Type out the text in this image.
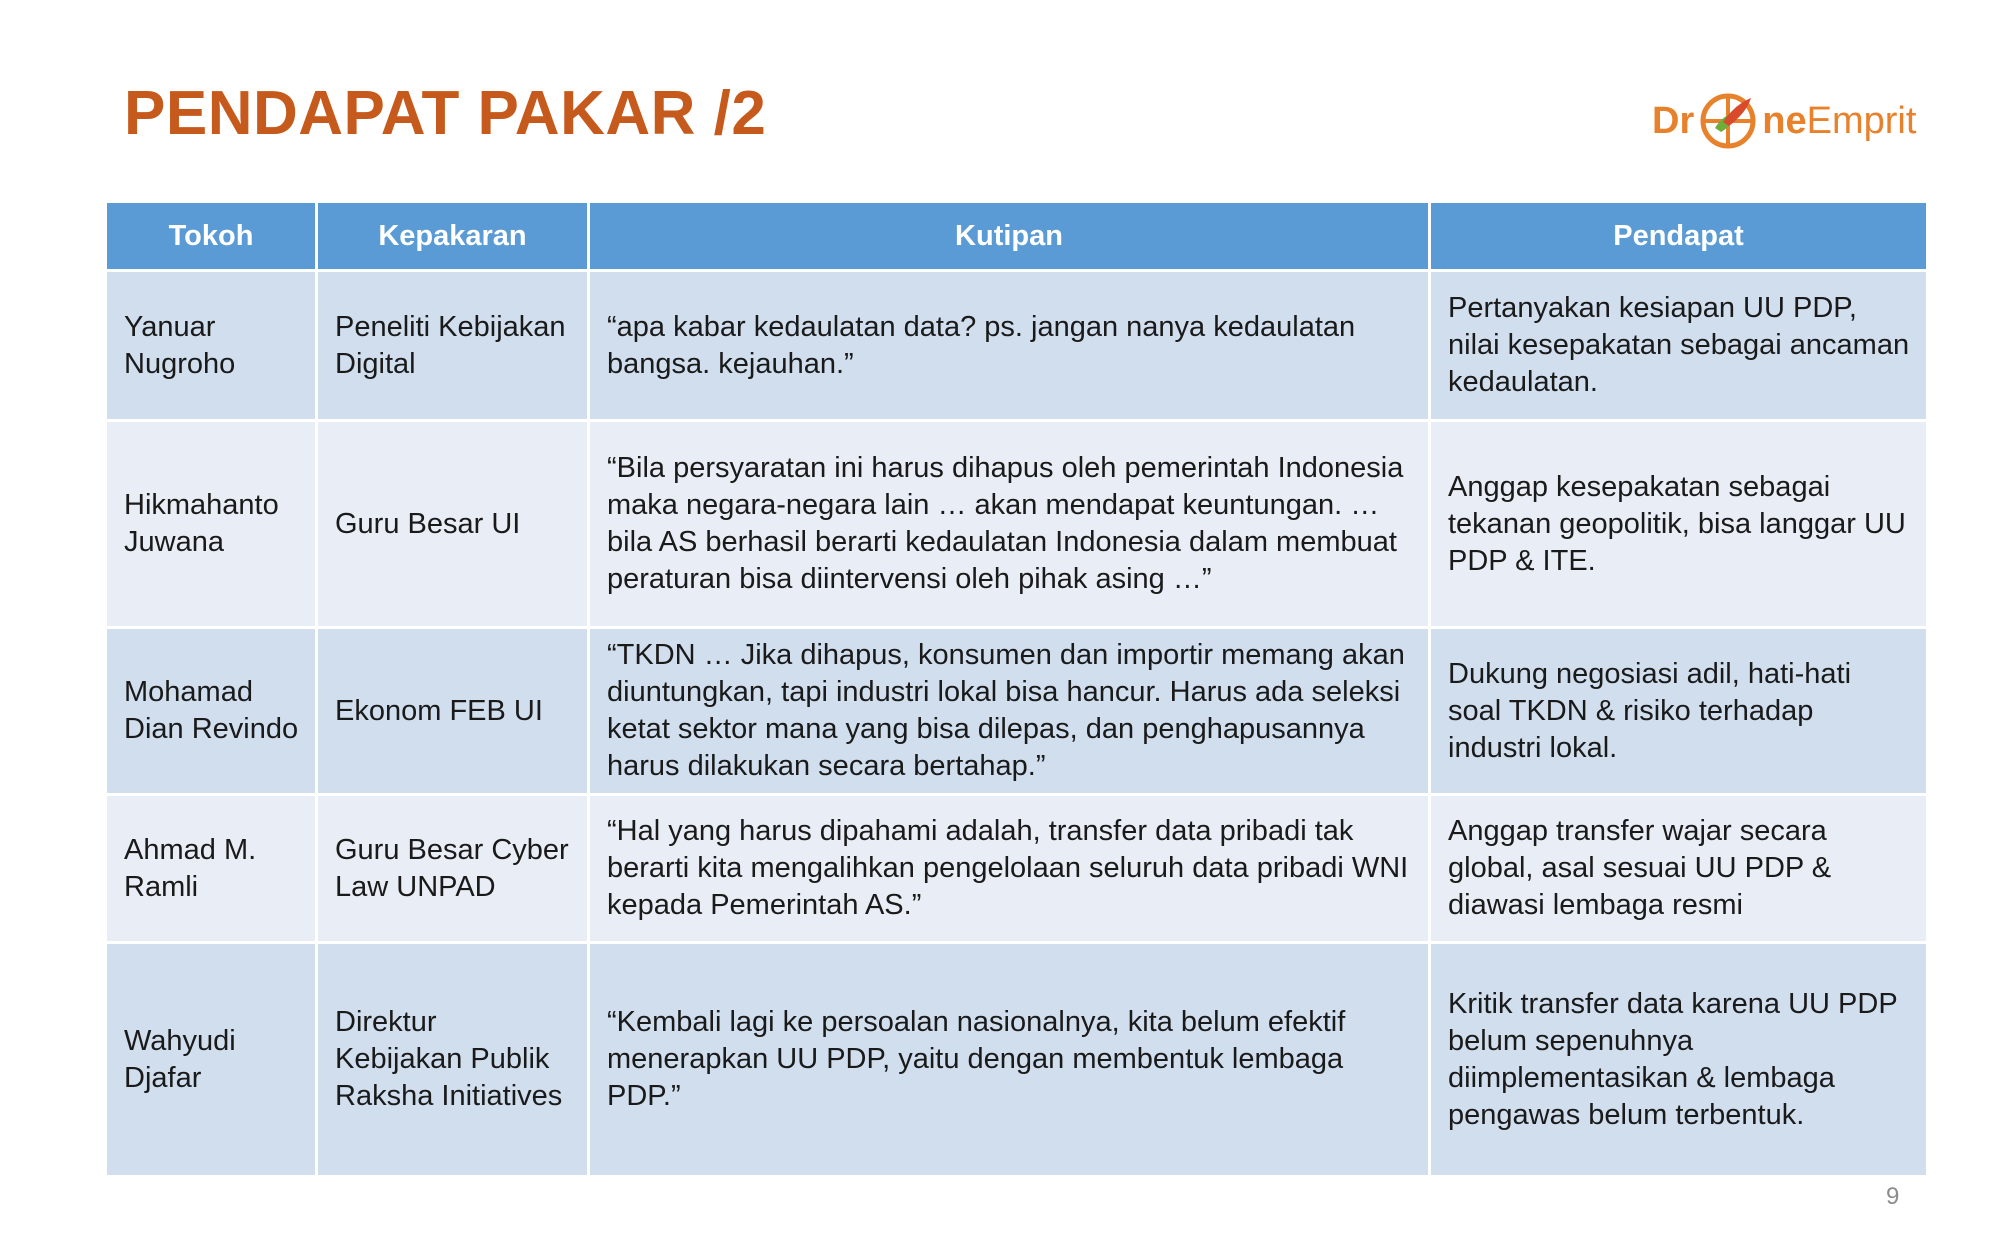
PENDAPAT PAKAR /2	Dr ne Emprit
Tokoh	Kepakaran	Kutipan	Pendapat
Yanuar Nugroho	Peneliti Kebijakan Digital	“apa kabar kedaulatan data? ps. jangan nanya kedaulatan bangsa. kejauhan.”	Pertanyakan kesiapan UU PDP, nilai kesepakatan sebagai ancaman kedaulatan.
Hikmahanto Juwana	Guru Besar UI	“Bila persyaratan ini harus dihapus oleh pemerintah Indonesia maka negara-negara lain … akan mendapat keuntungan. … bila AS berhasil berarti kedaulatan Indonesia dalam membuat peraturan bisa diintervensi oleh pihak asing …”	Anggap kesepakatan sebagai tekanan geopolitik, bisa langgar UU PDP & ITE.
Mohamad Dian Revindo	Ekonom FEB UI	“TKDN … Jika dihapus, konsumen dan importir memang akan diuntungkan, tapi industri lokal bisa hancur. Harus ada seleksi ketat sektor mana yang bisa dilepas, dan penghapusannya harus dilakukan secara bertahap.”	Dukung negosiasi adil, hati-hati soal TKDN & risiko terhadap industri lokal.
Ahmad M. Ramli	Guru Besar Cyber Law UNPAD	“Hal yang harus dipahami adalah, transfer data pribadi tak berarti kita mengalihkan pengelolaan seluruh data pribadi WNI kepada Pemerintah AS.”	Anggap transfer wajar secara global, asal sesuai UU PDP & diawasi lembaga resmi
Wahyudi Djafar	Direktur Kebijakan Publik Raksha Initiatives	“Kembali lagi ke persoalan nasionalnya, kita belum efektif menerapkan UU PDP, yaitu dengan membentuk lembaga PDP.”	Kritik transfer data karena UU PDP belum sepenuhnya diimplementasikan & lembaga pengawas belum terbentuk.
9
